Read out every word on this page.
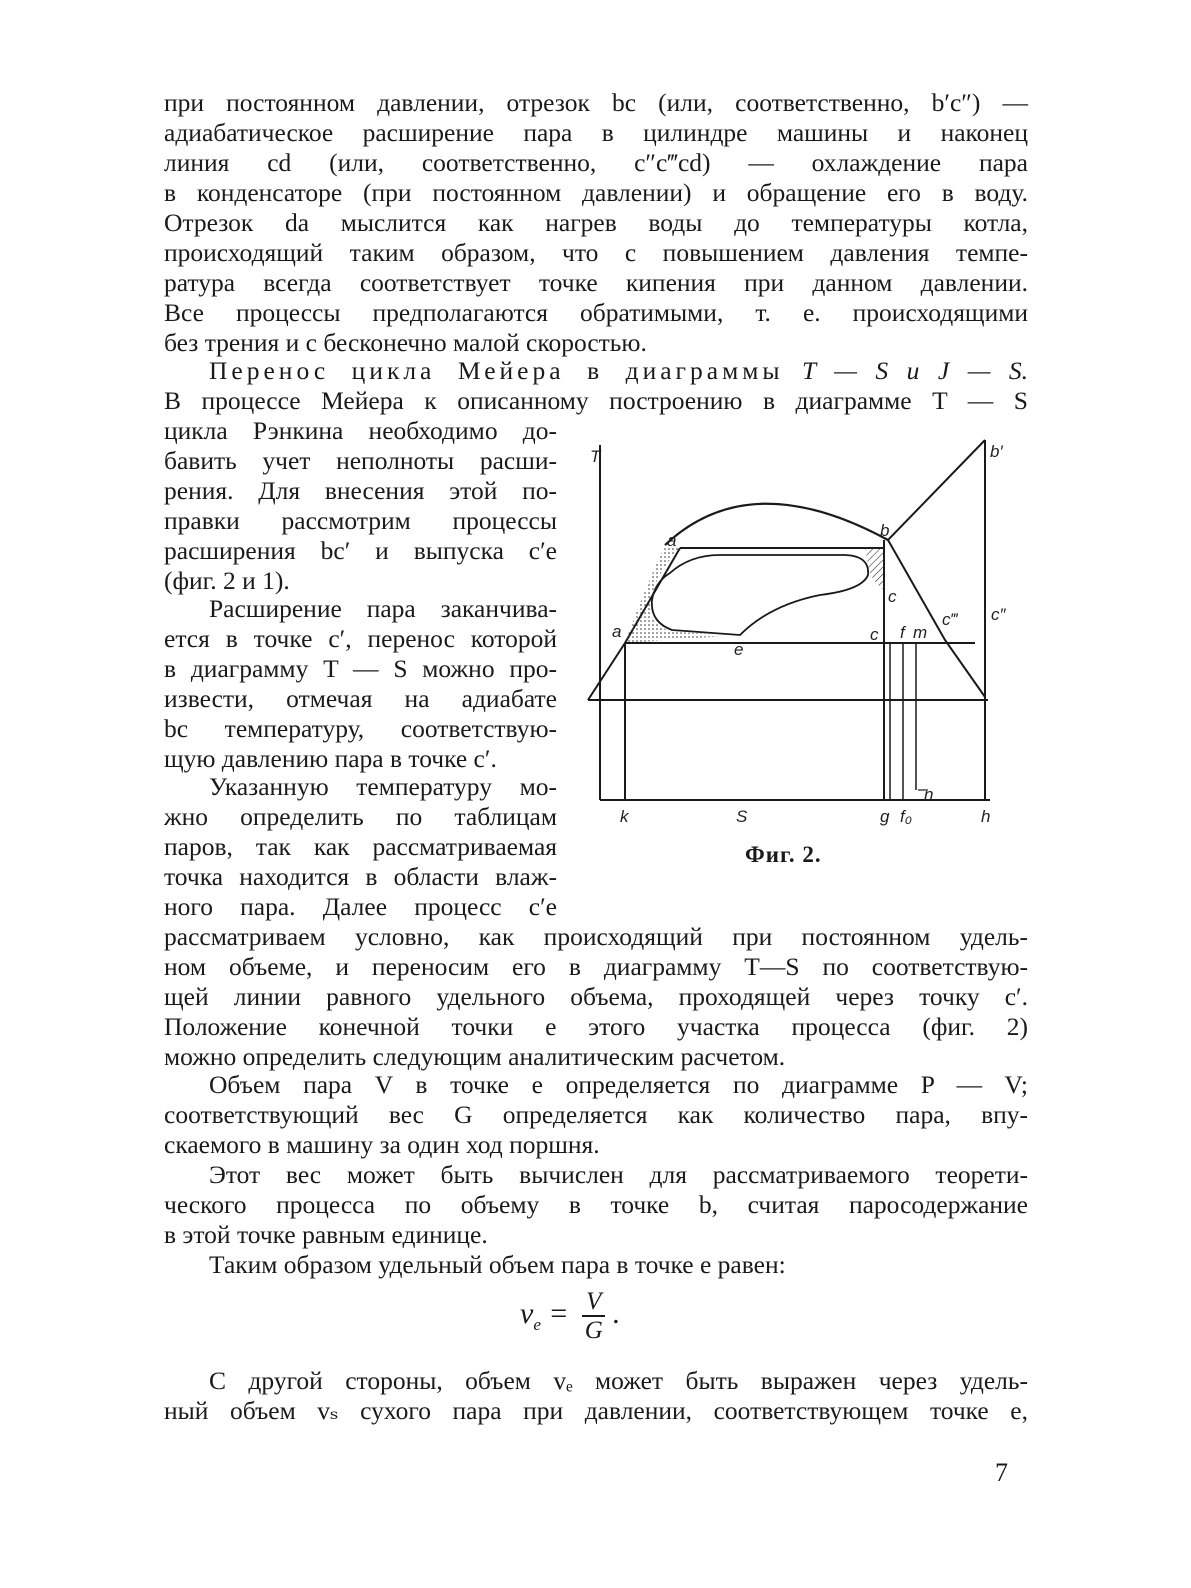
при постоянном давлении, отрезок bc (или, соответственно, b′c″) —

адиабатическое расширение пара в цилиндре машины и наконец

линия cd (или, соответственно, c″c‴cd) — охлаждение пара

в конденсаторе (при постоянном давлении) и обращение его в воду.

Отрезок da мыслится как нагрев воды до температуры котла,

происходящий таким образом, что с повышением давления темпе-

ратура всегда соответствует точке кипения при данном давлении.

Все процессы предполагаются обратимыми, т. е. происходящими

без трения и с бесконечно малой скоростью.

Перенос цикла Мейера в диаграммы T — S и J — S.

В процессе Мейера к описанному построению в диаграмме T — S

цикла Рэнкина необходимо до-

бавить учет неполноты расши-

рения. Для внесения этой по-

правки рассмотрим процессы

расширения bc′ и выпуска c′e

(фиг. 2 и 1).

Расширение пара заканчива-

ется в точке c′, перенос которой

в диаграмму T — S можно про-

извести, отмечая на адиабате

bc температуру, соответствую-

щую давлению пара в точке c′.

Указанную температуру мо-

жно определить по таблицам

паров, так как рассматриваемая

точка находится в области влаж-

ного пара. Далее процесс c′e

рассматриваем условно, как происходящий при постоянном удель-

ном объеме, и переносим его в диаграмму T—S по соответствую-

щей линии равного удельного объема, проходящей через точку c′.

Положение конечной точки e этого участка процесса (фиг. 2)

можно определить следующим аналитическим расчетом.

Объем пара V в точке e определяется по диаграмме P — V;

соответствующий вес G определяется как количество пара, впу-

скаемого в машину за один ход поршня.

Этот вес может быть вычислен для рассматриваемого теорети-

ческого процесса по объему в точке b, считая паросодержание

в этой точке равным единице.

Таким образом удельный объем пара в точке e равен:

$v_e = \frac{V}{G}$ .

С другой стороны, объем vₑ может быть выражен через удель-

ный объем vₛ сухого пара при давлении, соответствующем точке e,

7
T
a
b
b′
c
c f m
c‴ c″
a
e
n
k	S	g f₀	h
Фиг. 2.
